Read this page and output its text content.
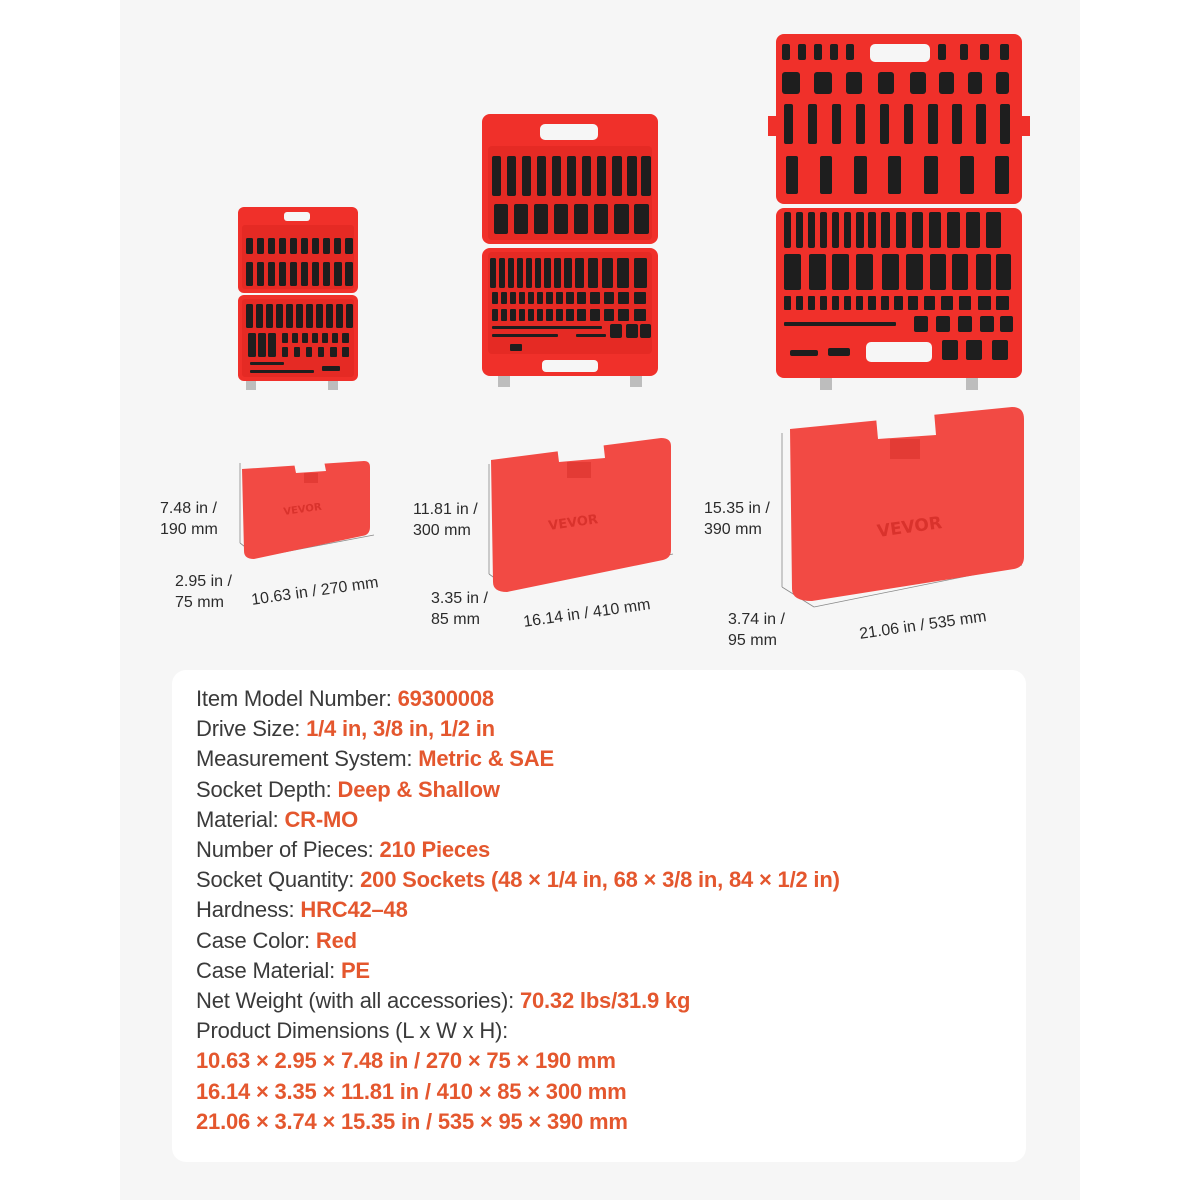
VEVOR
VEVOR	VEVOR
7.48 in /
190 mm
2.95 in /
75 mm	10.63 in / 270 mm
11.81 in /
300 mm
3.35 in /
85 mm	16.14 in / 410 mm
15.35 in /
390 mm
3.74 in /
95 mm	21.06 in / 535 mm
Item Model Number: 69300008
Drive Size: 1/4 in, 3/8 in, 1/2 in
Measurement System: Metric & SAE
Socket Depth: Deep & Shallow
Material: CR-MO
Number of Pieces: 210 Pieces
Socket Quantity: 200 Sockets (48 × 1/4 in, 68 × 3/8 in, 84 × 1/2 in)
Hardness: HRC42–48
Case Color: Red
Case Material: PE
Net Weight (with all accessories): 70.32 lbs/31.9 kg
Product Dimensions (L x W x H):
10.63 × 2.95 × 7.48 in / 270 × 75 × 190 mm
16.14 × 3.35 × 11.81 in / 410 × 85 × 300 mm
21.06 × 3.74 × 15.35 in / 535 × 95 × 390 mm
